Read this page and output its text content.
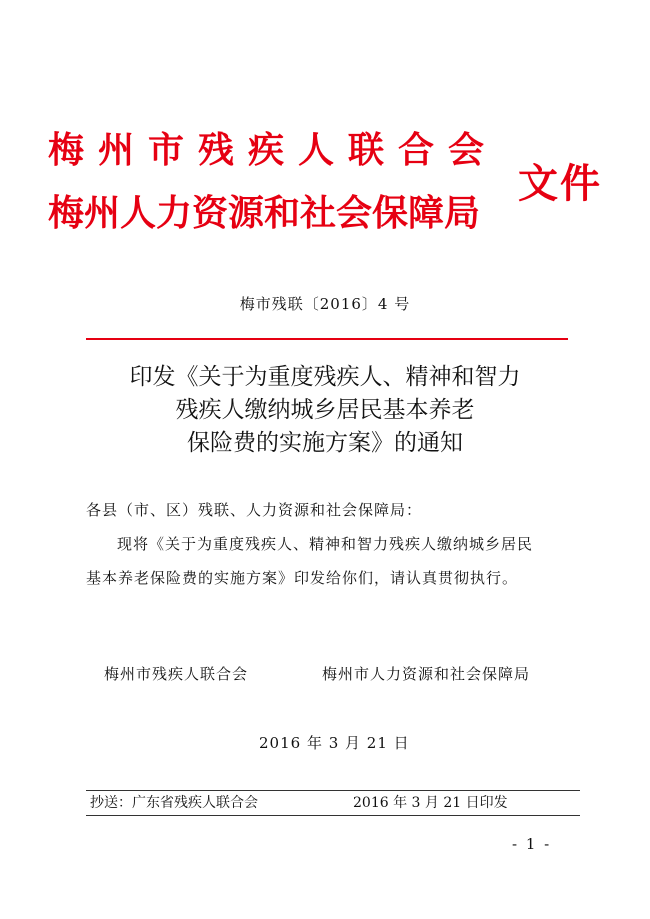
梅州市残疾人联合会
梅州人力资源和社会保障局
文件
梅市残联〔2016〕4 号
印发《关于为重度残疾人、精神和智力
残疾人缴纳城乡居民基本养老
保险费的实施方案》的通知
各县（市、区）残联、人力资源和社会保障局：
现将《关于为重度残疾人、精神和智力残疾人缴纳城乡居民
基本养老保险费的实施方案》印发给你们，请认真贯彻执行。
梅州市残疾人联合会	梅州市人力资源和社会保障局
2016 年 3 月 21 日
抄送：广东省残疾人联合会	2016 年 3 月 21 日印发
- 1 -
